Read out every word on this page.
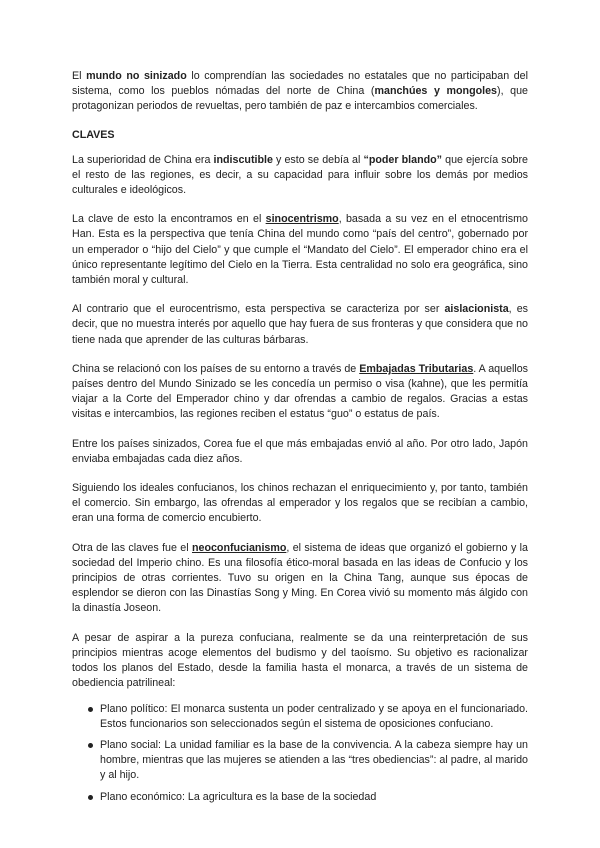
El mundo no sinizado lo comprendían las sociedades no estatales que no participaban del sistema, como los pueblos nómadas del norte de China (manchúes y mongoles), que protagonizan periodos de revueltas, pero también de paz e intercambios comerciales.

CLAVES

La superioridad de China era indiscutible y esto se debía al “poder blando” que ejercía sobre el resto de las regiones, es decir, a su capacidad para influir sobre los demás por medios culturales e ideológicos.

La clave de esto la encontramos en el sinocentrismo, basada a su vez en el etnocentrismo Han. Esta es la perspectiva que tenía China del mundo como “país del centro”, gobernado por un emperador o “hijo del Cielo” y que cumple el “Mandato del Cielo”. El emperador chino era el único representante legítimo del Cielo en la Tierra. Esta centralidad no solo era geográfica, sino también moral y cultural.

Al contrario que el eurocentrismo, esta perspectiva se caracteriza por ser aislacionista, es decir, que no muestra interés por aquello que hay fuera de sus fronteras y que considera que no tiene nada que aprender de las culturas bárbaras.

China se relacionó con los países de su entorno a través de Embajadas Tributarias. A aquellos países dentro del Mundo Sinizado se les concedía un permiso o visa (kahne), que les permitía viajar a la Corte del Emperador chino y dar ofrendas a cambio de regalos. Gracias a estas visitas e intercambios, las regiones reciben el estatus “guo” o estatus de país.

Entre los países sinizados, Corea fue el que más embajadas envió al año. Por otro lado, Japón enviaba embajadas cada diez años.

Siguiendo los ideales confucianos, los chinos rechazan el enriquecimiento y, por tanto, también el comercio. Sin embargo, las ofrendas al emperador y los regalos que se recibían a cambio, eran una forma de comercio encubierto.

Otra de las claves fue el neoconfucianismo, el sistema de ideas que organizó el gobierno y la sociedad del Imperio chino. Es una filosofía ético-moral basada en las ideas de Confucio y los principios de otras corrientes. Tuvo su origen en la China Tang, aunque sus épocas de esplendor se dieron con las Dinastías Song y Ming. En Corea vivió su momento más álgido con la dinastía Joseon.

A pesar de aspirar a la pureza confuciana, realmente se da una reinterpretación de sus principios mientras acoge elementos del budismo y del taoísmo. Su objetivo es racionalizar todos los planos del Estado, desde la familia hasta el monarca, a través de un sistema de obediencia patrilineal:

Plano político: El monarca sustenta un poder centralizado y se apoya en el funcionariado. Estos funcionarios son seleccionados según el sistema de oposiciones confuciano.
Plano social: La unidad familiar es la base de la convivencia. A la cabeza siempre hay un hombre, mientras que las mujeres se atienden a las “tres obediencias”: al padre, al marido y al hijo.
Plano económico: La agricultura es la base de la sociedad
